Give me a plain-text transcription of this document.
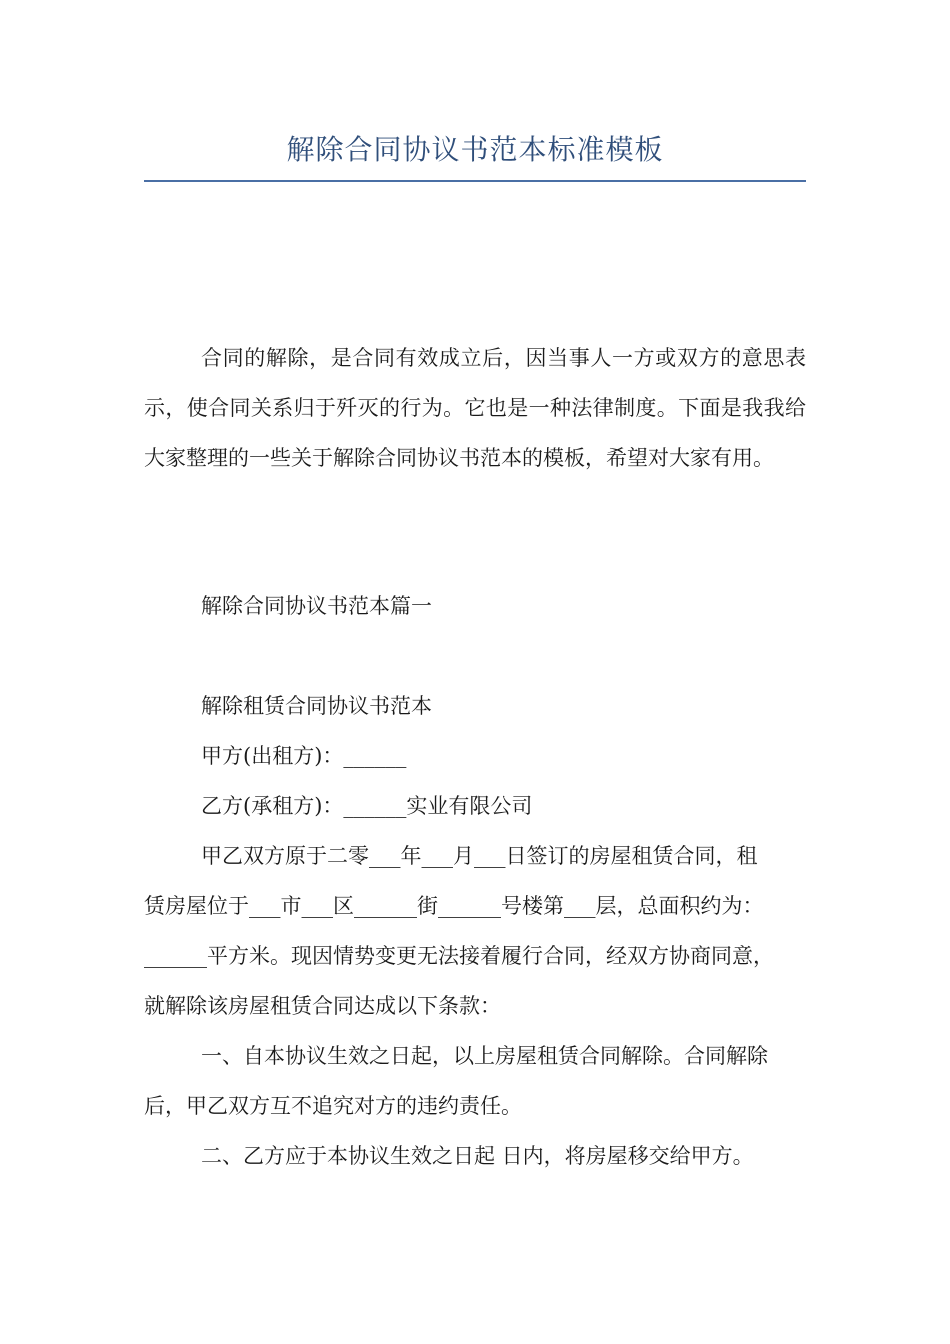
解除合同协议书范本标准模板

合同的解除，是合同有效成立后，因当事人一方或双方的意思表示，使合同关系归于歼灭的行为。它也是一种法律制度。下面是我我给大家整理的一些关于解除合同协议书范本的模板，希望对大家有用。

解除合同协议书范本篇一
解除租赁合同协议书范本
甲方(出租方)：______
乙方(承租方)：______实业有限公司
甲乙双方原于二零___年___月___日签订的房屋租赁合同，租
赁房屋位于___市___区______街______号楼第___层，总面积约为：
______平方米。现因情势变更无法接着履行合同，经双方协商同意，
就解除该房屋租赁合同达成以下条款：
一、自本协议生效之日起，以上房屋租赁合同解除。合同解除
后，甲乙双方互不追究对方的违约责任。
二、乙方应于本协议生效之日起 日内，将房屋移交给甲方。
